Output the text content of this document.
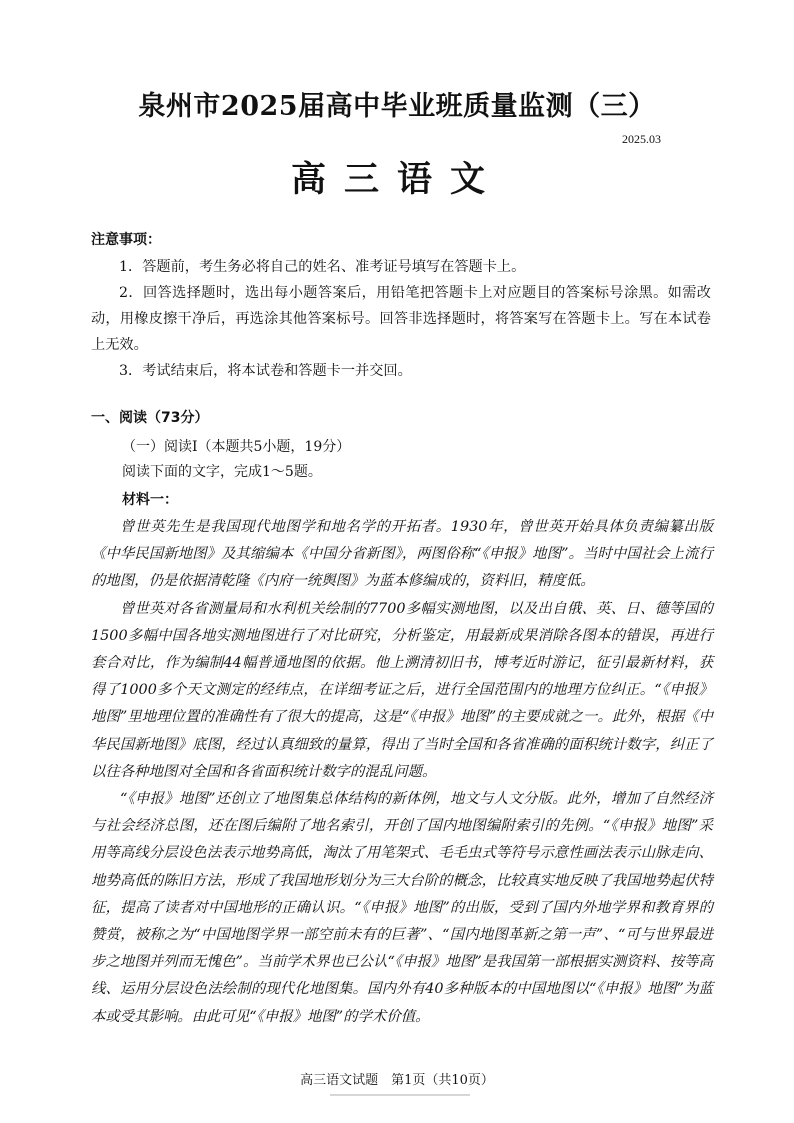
泉州市2025届高中毕业班质量监测（三）
2025.03
高三语文
注意事项：
1．答题前，考生务必将自己的姓名、准考证号填写在答题卡上。
2．回答选择题时，选出每小题答案后，用铅笔把答题卡上对应题目的答案标号涂黑。如需改动，用橡皮擦干净后，再选涂其他答案标号。回答非选择题时，将答案写在答题卡上。写在本试卷上无效。
3．考试结束后，将本试卷和答题卡一并交回。
一、阅读（73分）
（一）阅读Ⅰ（本题共5小题，19分）
阅读下面的文字，完成1～5题。
材料一：

曾世英先生是我国现代地图学和地名学的开拓者。1930年，曾世英开始具体负责编纂出版《中华民国新地图》及其缩编本《中国分省新图》，两图俗称“《申报》地图”。当时中国社会上流行的地图，仍是依据清乾隆《内府一统舆图》为蓝本修编成的，资料旧，精度低。

曾世英对各省测量局和水利机关绘制的7700多幅实测地图，以及出自俄、英、日、德等国的1500多幅中国各地实测地图进行了对比研究，分析鉴定，用最新成果消除各图本的错误，再进行套合对比，作为编制44幅普通地图的依据。他上溯清初旧书，博考近时游记，征引最新材料，获得了1000多个天文测定的经纬点，在详细考证之后，进行全国范围内的地理方位纠正。“《申报》地图”里地理位置的准确性有了很大的提高，这是“《申报》地图”的主要成就之一。此外，根据《中华民国新地图》底图，经过认真细致的量算，得出了当时全国和各省准确的面积统计数字，纠正了以往各种地图对全国和各省面积统计数字的混乱问题。

“《申报》地图”还创立了地图集总体结构的新体例，地文与人文分版。此外，增加了自然经济与社会经济总图，还在图后编附了地名索引，开创了国内地图编附索引的先例。“《申报》地图”采用等高线分层设色法表示地势高低，淘汰了用笔架式、毛毛虫式等符号示意性画法表示山脉走向、地势高低的陈旧方法，形成了我国地形划分为三大台阶的概念，比较真实地反映了我国地势起伏特征，提高了读者对中国地形的正确认识。“《申报》地图”的出版，受到了国内外地学界和教育界的赞赏，被称之为“中国地图学界一部空前未有的巨著”、“国内地图革新之第一声”、“可与世界最进步之地图并列而无愧色”。当前学术界也已公认“《申报》地图”是我国第一部根据实测资料、按等高线、运用分层设色法绘制的现代化地图集。国内外有40多种版本的中国地图以“《申报》地图”为蓝本或受其影响。由此可见“《申报》地图”的学术价值。

高三语文试题　第1页（共10页）
